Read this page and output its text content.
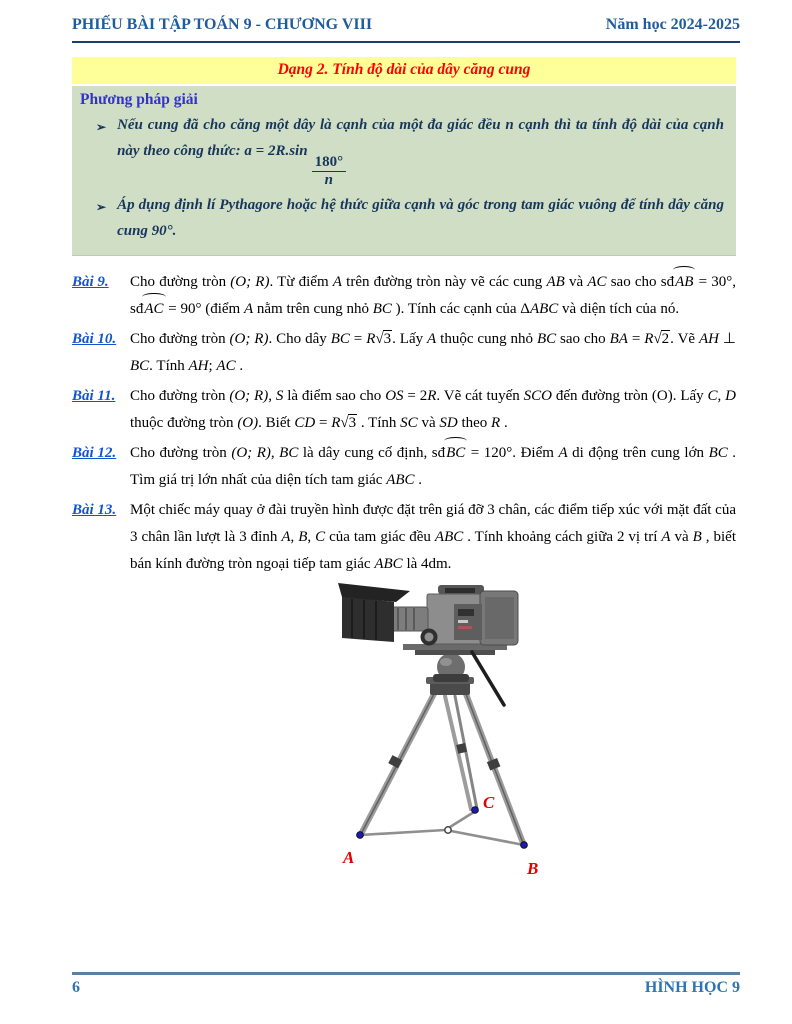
PHIẾU BÀI TẬP TOÁN 9 - CHƯƠNG VIII	Năm học 2024-2025
Dạng 2. Tính độ dài của dây căng cung
Phương pháp giải
➢ Nếu cung đã cho căng một dây là cạnh của một đa giác đều n cạnh thì ta tính độ dài của cạnh này theo công thức: a = 2R.sin
$\frac{180^\circ}{n}$
➢ Áp dụng định lí Pythagore hoặc hệ thức giữa cạnh và góc trong tam giác vuông để tính dây căng cung 90°.
Bài 9.	Cho đường tròn (O; R). Từ điểm A trên đường tròn này vẽ các cung AB và AC sao cho sđAB = 30°, sđAC = 90° (điểm A nằm trên cung nhỏ BC ). Tính các cạnh của ΔABC và diện tích của nó.
Bài 10. Cho đường tròn (O; R). Cho dây BC = R√3. Lấy A thuộc cung nhỏ BC sao cho BA = R√2. Vẽ AH ⊥ BC. Tính AH; AC .
Bài 11. Cho đường tròn (O; R), S là điểm sao cho OS = 2R. Vẽ cát tuyến SCO đến đường tròn (O). Lấy C, D thuộc đường tròn (O). Biết CD = R√3 . Tính SC và SD theo R .
Bài 12. Cho đường tròn (O; R), BC là dây cung cố định, sđBC = 120°. Điểm A di động trên cung lớn BC . Tìm giá trị lớn nhất của diện tích tam giác ABC .
Bài 13. Một chiếc máy quay ở đài truyền hình được đặt trên giá đỡ 3 chân, các điểm tiếp xúc với mặt đất của 3 chân lần lượt là 3 đỉnh A, B, C của tam giác đều ABC . Tính khoảng cách giữa 2 vị trí A và B , biết bán kính đường tròn ngoại tiếp tam giác ABC là 4dm.
A
B
C
6	HÌNH HỌC 9
